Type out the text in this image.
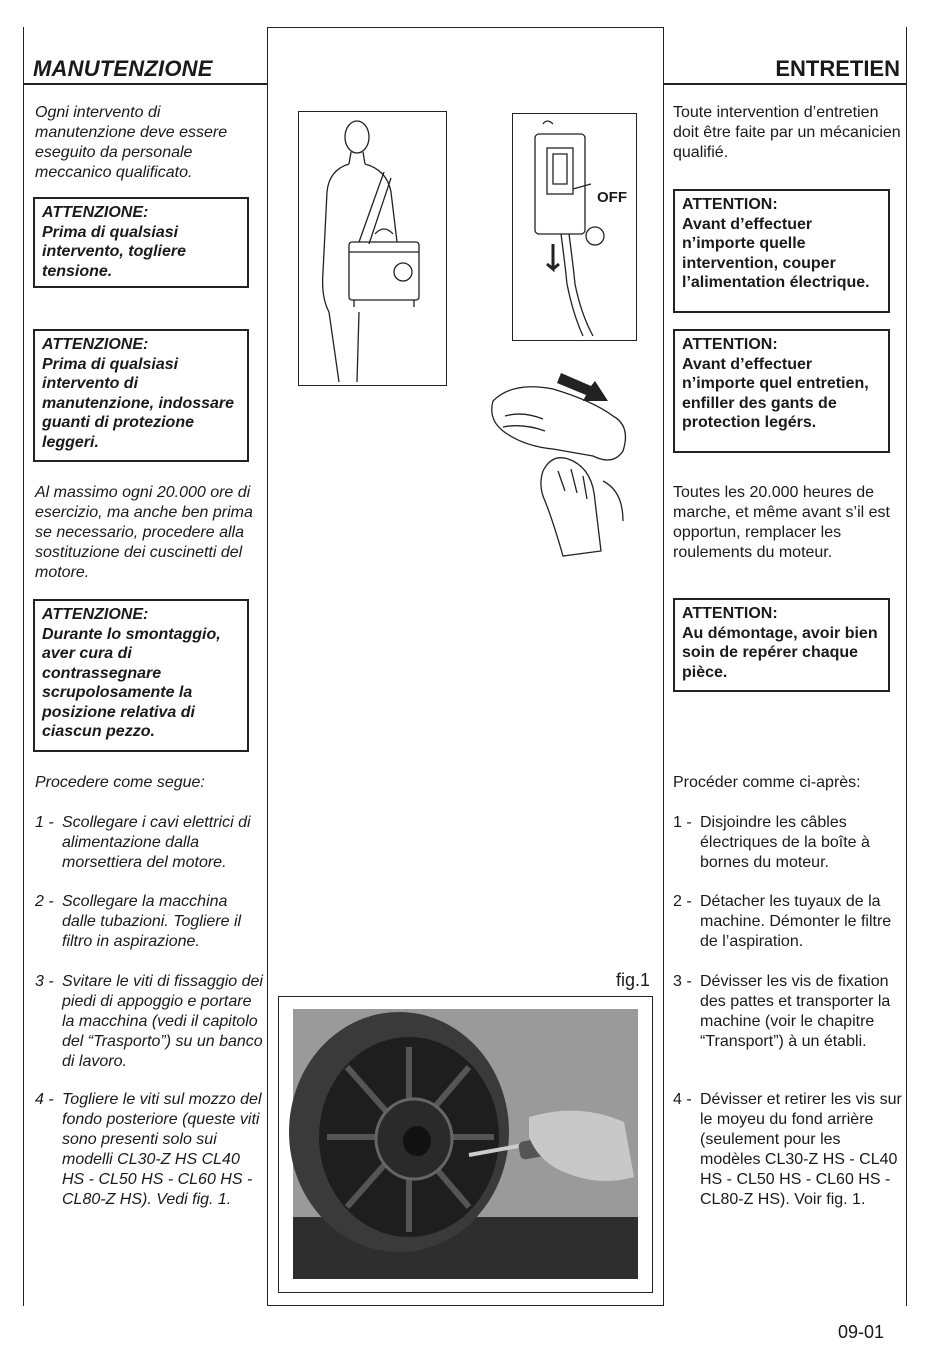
MANUTENZIONE	ENTRETIEN

Ogni intervento di manutenzione deve essere eseguito da personale meccanico qualificato.

Al massimo ogni 20.000 ore di esercizio, ma anche ben prima se necessario, procedere alla sostituzione dei cuscinetti del motore.

Procedere come segue:

ATTENZIONE:
Prima di qualsiasi intervento, togliere tensione.
ATTENZIONE:
Prima di qualsiasi intervento di manutenzione, indossare guanti di protezione leggeri.
ATTENZIONE:
Durante lo smontaggio, aver cura di contrassegnare scrupolosamente la posizione relativa di ciascun pezzo.
1 - Scollegare i cavi elettrici di alimentazione dalla morsettiera del motore.
2 - Scollegare la macchina dalle tubazioni. Togliere il filtro in aspirazione.
3 - Svitare le viti di fissaggio dei piedi di appoggio e portare la macchina (vedi il capitolo del “Trasporto”) su un banco di lavoro.
4 - Togliere le viti sul mozzo del fondo posteriore (queste viti sono presenti solo sui modelli CL30-Z HS CL40 HS - CL50 HS - CL60 HS - CL80-Z HS). Vedi fig. 1.

Toute intervention d’entretien doit être faite par un mécanicien qualifié.

Toutes les 20.000 heures de marche, et même avant s’il est opportun, remplacer les roulements du moteur.

Procéder comme ci-après:

ATTENTION:
Avant d’effectuer n’importe quelle intervention, couper l’alimentation électrique.
ATTENTION:
Avant d’effectuer n’importe quel entretien, enfiller des gants de protection legérs.
ATTENTION:
Au démontage, avoir bien soin de repérer chaque pièce.
1 - Disjoindre les câbles électriques de la boîte à bornes du moteur.
2 - Détacher les tuyaux de la machine. Démonter le filtre de l’aspiration.
3 - Dévisser les vis de fixation des pattes et transporter la machine (voir le chapitre “Transport”) à un établi.
4 - Dévisser et retirer les vis sur le moyeu du fond arrière (seulement pour les modèles CL30-Z HS - CL40 HS - CL50 HS - CL60 HS - CL80-Z HS). Voir fig. 1.
OFF
fig.1
09-01
